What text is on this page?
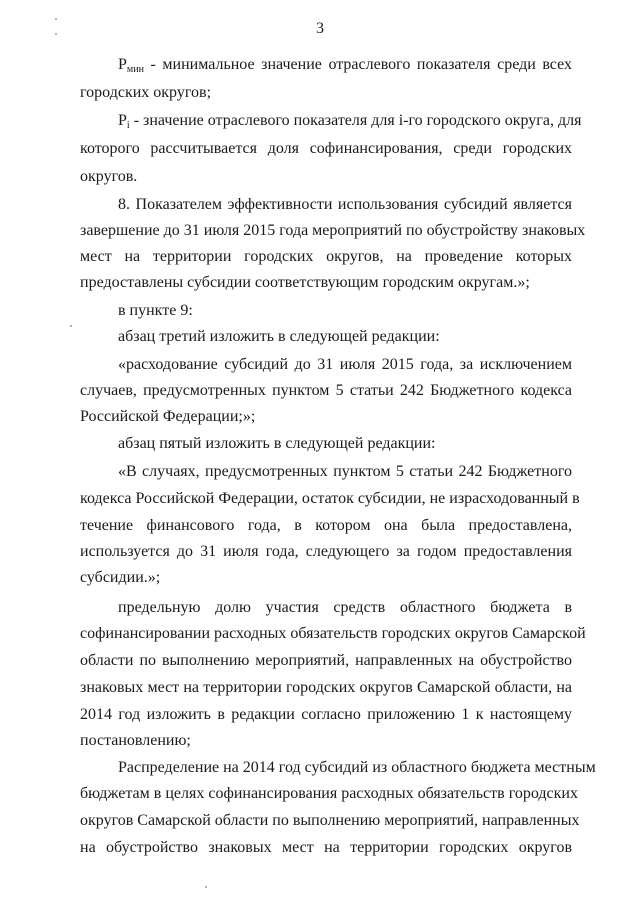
3
$P_{мин}$ - минимальное значение отраслевого показателя среди всех
городских округов;
$P_i$ - значение отраслевого показателя для i-го городского округа, для
которого рассчитывается доля софинансирования, среди городских
округов.
8. Показателем эффективности использования субсидий является
завершение до 31 июля 2015 года мероприятий по обустройству знаковых
мест на территории городских округов, на проведение которых
предоставлены субсидии соответствующим городским округам.»;
в пункте 9:
абзац третий изложить в следующей редакции:
«расходование субсидий до 31 июля 2015 года, за исключением
случаев, предусмотренных пунктом 5 статьи 242 Бюджетного кодекса
Российской Федерации;»;
абзац пятый изложить в следующей редакции:
«В случаях, предусмотренных пунктом 5 статьи 242 Бюджетного
кодекса Российской Федерации, остаток субсидии, не израсходованный в
течение финансового года, в котором она была предоставлена,
используется до 31 июля года, следующего за годом предоставления
субсидии.»;
предельную долю участия средств областного бюджета в
софинансировании расходных обязательств городских округов Самарской
области по выполнению мероприятий, направленных на обустройство
знаковых мест на территории городских округов Самарской области, на
2014 год изложить в редакции согласно приложению 1 к настоящему
постановлению;
Распределение на 2014 год субсидий из областного бюджета местным
бюджетам в целях софинансирования расходных обязательств городских
округов Самарской области по выполнению мероприятий, направленных
на обустройство знаковых мест на территории городских округов
